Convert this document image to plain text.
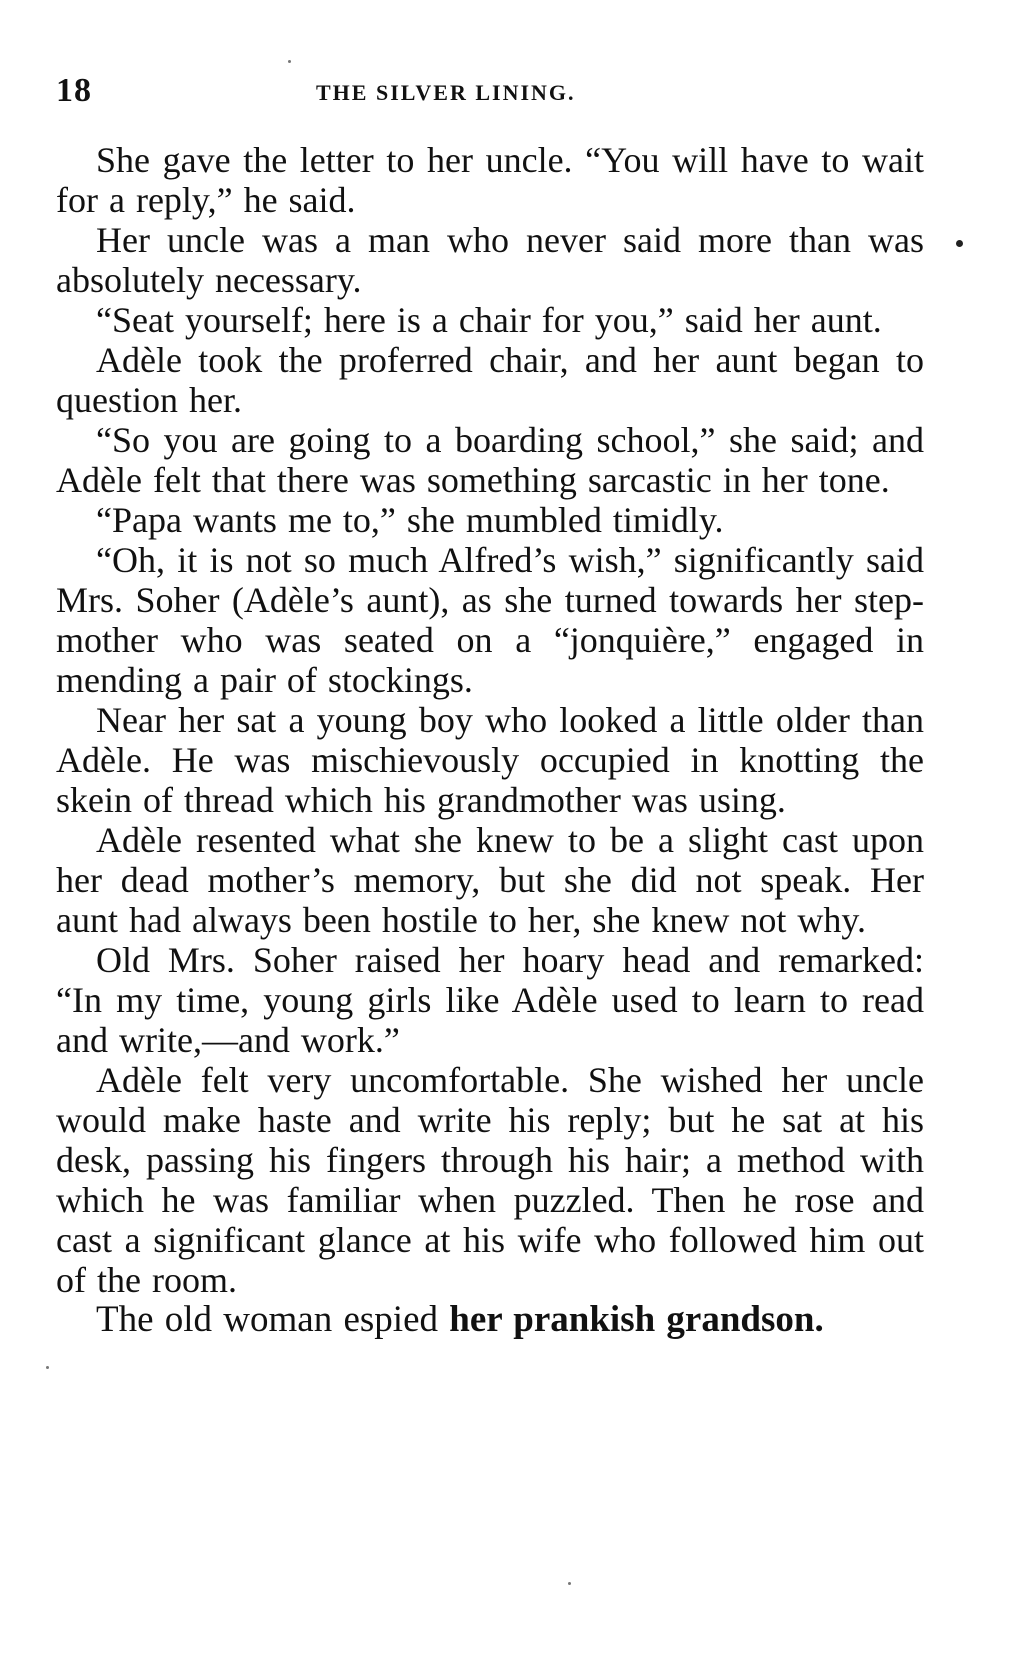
18	THE SILVER LINING.

She gave the letter to her uncle. “You will have to wait for a reply,” he said.

Her uncle was a man who never said more than was absolutely necessary.

“Seat yourself; here is a chair for you,” said her aunt.

Adèle took the proferred chair, and her aunt began to question her.

“So you are going to a boarding school,” she said; and Adèle felt that there was something sarcastic in her tone.

“Papa wants me to,” she mumbled timidly.

“Oh, it is not so much Alfred’s wish,” significantly said Mrs. Soher (Adèle’s aunt), as she turned towards her step-mother who was seated on a “jonquière,” engaged in mending a pair of stockings.

Near her sat a young boy who looked a little older than Adèle. He was mischievously occupied in knotting the skein of thread which his grandmother was using.

Adèle resented what she knew to be a slight cast upon her dead mother’s memory, but she did not speak. Her aunt had always been hostile to her, she knew not why.

Old Mrs. Soher raised her hoary head and remarked: “In my time, young girls like Adèle used to learn to read and write,—and work.”

Adèle felt very uncomfortable. She wished her uncle would make haste and write his reply; but he sat at his desk, passing his fingers through his hair; a method with which he was familiar when puzzled. Then he rose and cast a significant glance at his wife who followed him out of the room.

The old woman espied her prankish grandson.
